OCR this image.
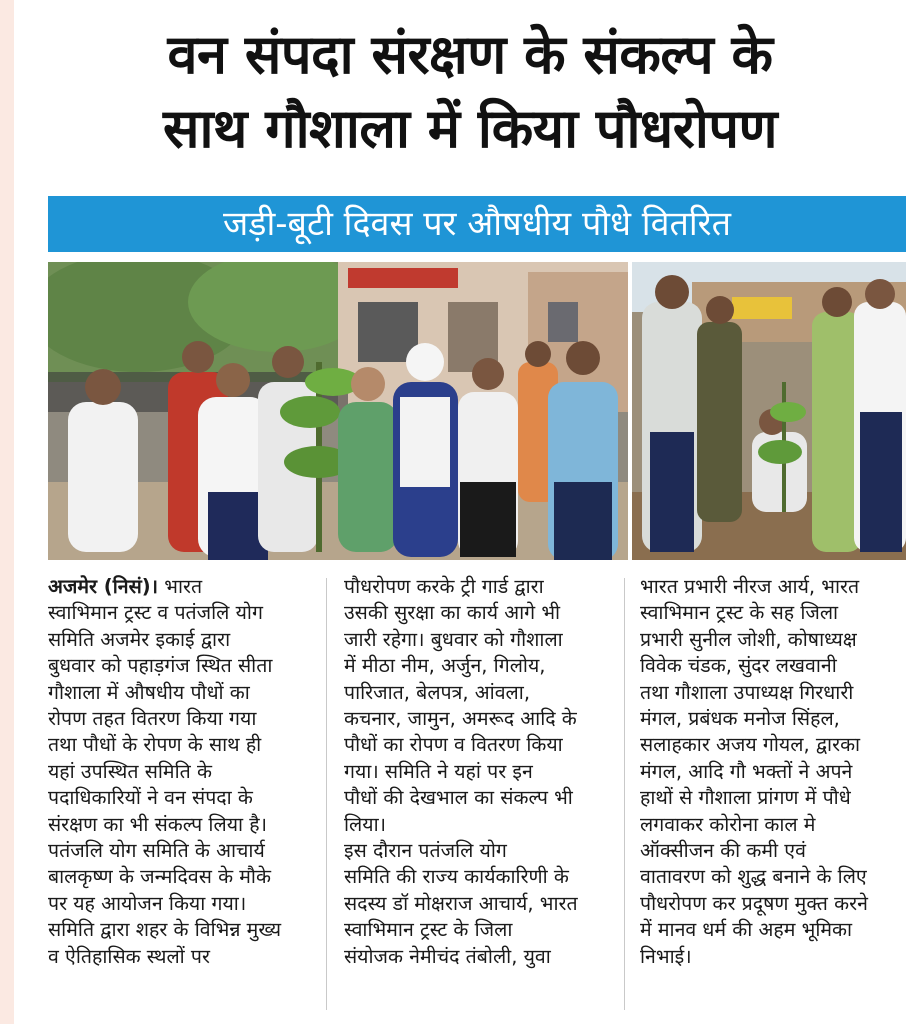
वन संपदा संरक्षण के संकल्प के
साथ गौशाला में किया पौधरोपण
जड़ी-बूटी दिवस पर औषधीय पौधे वितरित
अजमेर (निसं)। भारत
स्वाभिमान ट्रस्ट व पतंजलि योग
समिति अजमेर इकाई द्वारा
बुधवार को पहाड़गंज स्थित सीता
गौशाला में औषधीय पौधों का
रोपण तहत वितरण किया गया
तथा पौधों के रोपण के साथ ही
यहां उपस्थित समिति के
पदाधिकारियों ने वन संपदा के
संरक्षण का भी संकल्प लिया है।
पतंजलि योग समिति के आचार्य
बालकृष्ण के जन्मदिवस के मौके
पर यह आयोजन किया गया।
समिति द्वारा शहर के विभिन्न मुख्य
व ऐतिहासिक स्थलों पर
पौधरोपण करके ट्री गार्ड द्वारा
उसकी सुरक्षा का कार्य आगे भी
जारी रहेगा। बुधवार को गौशाला
में मीठा नीम, अर्जुन, गिलोय,
पारिजात, बेलपत्र, आंवला,
कचनार, जामुन, अमरूद आदि के
पौधों का रोपण व वितरण किया
गया। समिति ने यहां पर इन
पौधों की देखभाल का संकल्प भी
लिया।
इस दौरान पतंजलि योग
समिति की राज्य कार्यकारिणी के
सदस्य डॉ मोक्षराज आचार्य, भारत
स्वाभिमान ट्रस्ट के जिला
संयोजक नेमीचंद तंबोली, युवा
भारत प्रभारी नीरज आर्य, भारत
स्वाभिमान ट्रस्ट के सह जिला
प्रभारी सुनील जोशी, कोषाध्यक्ष
विवेक चंडक, सुंदर लखवानी
तथा गौशाला उपाध्यक्ष गिरधारी
मंगल, प्रबंधक मनोज सिंहल,
सलाहकार अजय गोयल, द्वारका
मंगल, आदि गौ भक्तों ने अपने
हाथों से गौशाला प्रांगण में पौधे
लगवाकर कोरोना काल मे
ऑक्सीजन की कमी एवं
वातावरण को शुद्ध बनाने के लिए
पौधरोपण कर प्रदूषण मुक्त करने
में मानव धर्म की अहम भूमिका
निभाई।
